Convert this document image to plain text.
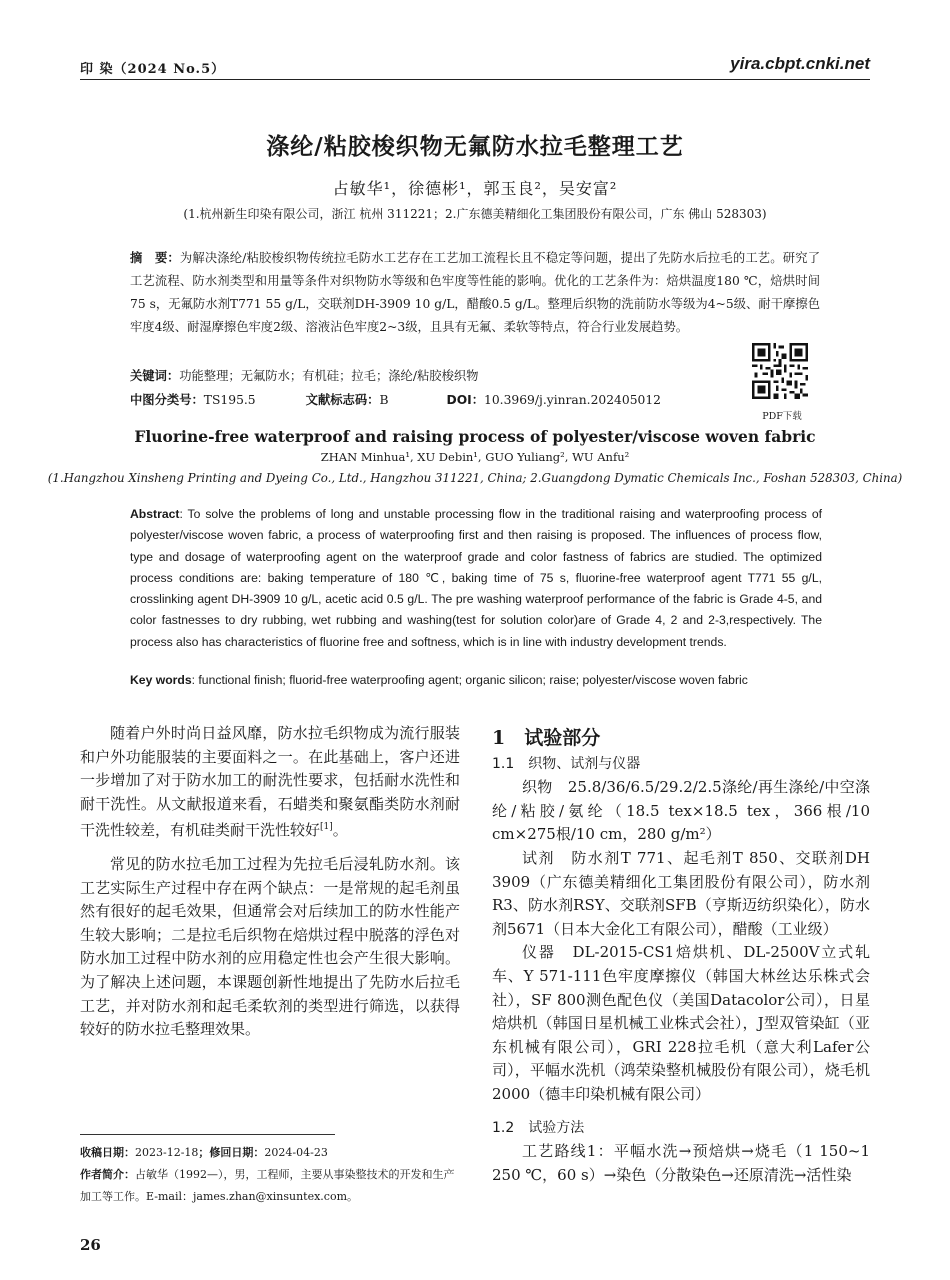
印 染（2024 No.5）	yira.cbpt.cnki.net
涤纶/粘胶梭织物无氟防水拉毛整理工艺
占敏华¹，徐德彬¹，郭玉良²，吴安富²
(1.杭州新生印染有限公司，浙江 杭州 311221；2.广东德美精细化工集团股份有限公司，广东 佛山 528303)
摘　要：为解决涤纶/粘胶梭织物传统拉毛防水工艺存在工艺加工流程长且不稳定等问题，提出了先防水后拉毛的工艺。研究了工艺流程、防水剂类型和用量等条件对织物防水等级和色牢度等性能的影响。优化的工艺条件为：焙烘温度180 ℃，焙烘时间75 s，无氟防水剂T771 55 g/L，交联剂DH-3909 10 g/L，醋酸0.5 g/L。整理后织物的洗前防水等级为4~5级、耐干摩擦色牢度4级、耐湿摩擦色牢度2级、溶液沾色牢度2~3级，且具有无氟、柔软等特点，符合行业发展趋势。
关键词：功能整理；无氟防水；有机硅；拉毛；涤纶/粘胶梭织物
中图分类号：TS195.5	文献标志码：B	DOI：10.3969/j.yinran.202405012
PDF下载
Fluorine-free waterproof and raising process of polyester/viscose woven fabric
ZHAN Minhua¹, XU Debin¹, GUO Yuliang², WU Anfu²
(1.Hangzhou Xinsheng Printing and Dyeing Co., Ltd., Hangzhou 311221, China; 2.Guangdong Dymatic Chemicals Inc., Foshan 528303, China)
Abstract: To solve the problems of long and unstable processing flow in the traditional raising and waterproofing process of polyester/viscose woven fabric, a process of waterproofing first and then raising is proposed. The influences of process flow, type and dosage of waterproofing agent on the waterproof grade and color fastness of fabrics are studied. The optimized process conditions are: baking temperature of 180 ℃, baking time of 75 s, fluorine-free waterproof agent T771 55 g/L, crosslinking agent DH-3909 10 g/L, acetic acid 0.5 g/L. The pre washing waterproof performance of the fabric is Grade 4-5, and color fastnesses to dry rubbing, wet rubbing and washing(test for solution color)are of Grade 4, 2 and 2-3,respectively. The process also has characteristics of fluorine free and softness, which is in line with industry development trends.
Key words: functional finish; fluorid-free waterproofing agent; organic silicon; raise; polyester/viscose woven fabric

随着户外时尚日益风靡，防水拉毛织物成为流行服装和户外功能服装的主要面料之一。在此基础上，客户还进一步增加了对于防水加工的耐洗性要求，包括耐水洗性和耐干洗性。从文献报道来看，石蜡类和聚氨酯类防水剂耐干洗性较差，有机硅类耐干洗性较好[1]。

常见的防水拉毛加工过程为先拉毛后浸轧防水剂。该工艺实际生产过程中存在两个缺点：一是常规的起毛剂虽然有很好的起毛效果，但通常会对后续加工的防水性能产生较大影响；二是拉毛后织物在焙烘过程中脱落的浮色对防水加工过程中防水剂的应用稳定性也会产生很大影响。为了解决上述问题，本课题创新性地提出了先防水后拉毛工艺，并对防水剂和起毛柔软剂的类型进行筛选，以获得较好的防水拉毛整理效果。

1　试验部分

1.1　织物、试剂与仪器

织物　25.8/36/6.5/29.2/2.5涤纶/再生涤纶/中空涤纶/粘胶/氨纶（18.5 tex×18.5 tex，366根/10 cm×275根/10 cm，280 g/m²）

试剂　防水剂T 771、起毛剂T 850、交联剂DH 3909（广东德美精细化工集团股份有限公司），防水剂R3、防水剂RSY、交联剂SFB（亨斯迈纺织染化），防水剂5671（日本大金化工有限公司），醋酸（工业级）

仪器　DL-2015-CS1焙烘机、DL-2500V立式轧车、Y 571-111色牢度摩擦仪（韩国大林丝达乐株式会社），SF 800测色配色仪（美国Datacolor公司），日星焙烘机（韩国日星机械工业株式会社），J型双管染缸（亚东机械有限公司），GRI 228拉毛机（意大利Lafer公司），平幅水洗机（鸿荣染整机械股份有限公司），烧毛机2000（德丰印染机械有限公司）

1.2　试验方法

工艺路线1：平幅水洗→预焙烘→烧毛（1 150~1 250 ℃，60 s）→染色（分散染色→还原清洗→活性染

收稿日期：2023-12-18；修回日期：2024-04-23
作者简介：占敏华（1992—），男，工程师，主要从事染整技术的开发和生产加工等工作。E-mail：james.zhan@xinsuntex.com。
26
